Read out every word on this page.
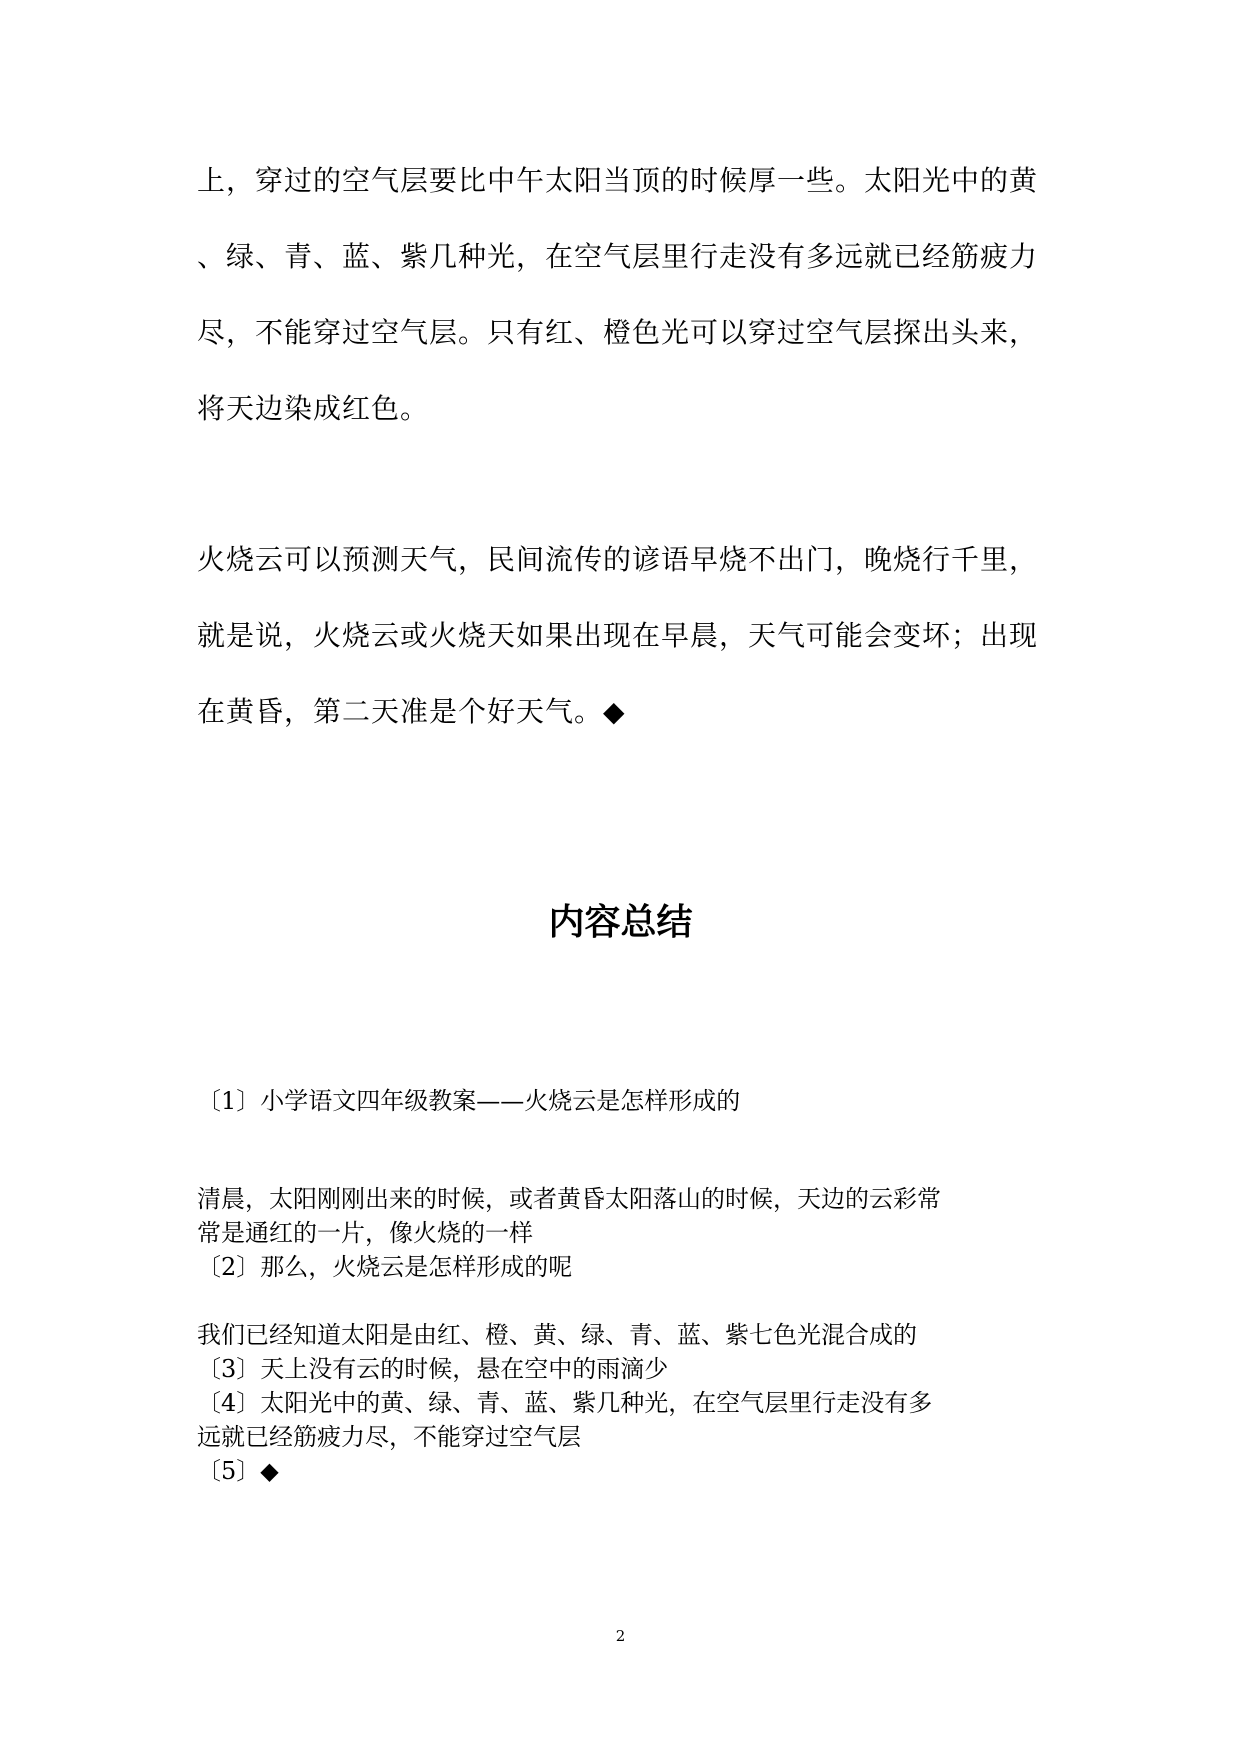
上，穿过的空气层要比中午太阳当顶的时候厚一些。太阳光中的黄
、绿、青、蓝、紫几种光，在空气层里行走没有多远就已经筋疲力
尽，不能穿过空气层。只有红、橙色光可以穿过空气层探出头来，
将天边染成红色。

火烧云可以预测天气，民间流传的谚语早烧不出门，晚烧行千里，
就是说，火烧云或火烧天如果出现在早晨，天气可能会变坏；出现
在黄昏，第二天准是个好天气。◆

内容总结

〔1〕小学语文四年级教案——火烧云是怎样形成的

清晨，太阳刚刚出来的时候，或者黄昏太阳落山的时候，天边的云彩常
常是通红的一片，像火烧的一样
〔2〕那么，火烧云是怎样形成的呢

我们已经知道太阳是由红、橙、黄、绿、青、蓝、紫七色光混合成的
〔3〕天上没有云的时候，悬在空中的雨滴少
〔4〕太阳光中的黄、绿、青、蓝、紫几种光，在空气层里行走没有多
远就已经筋疲力尽，不能穿过空气层
〔5〕◆

2
